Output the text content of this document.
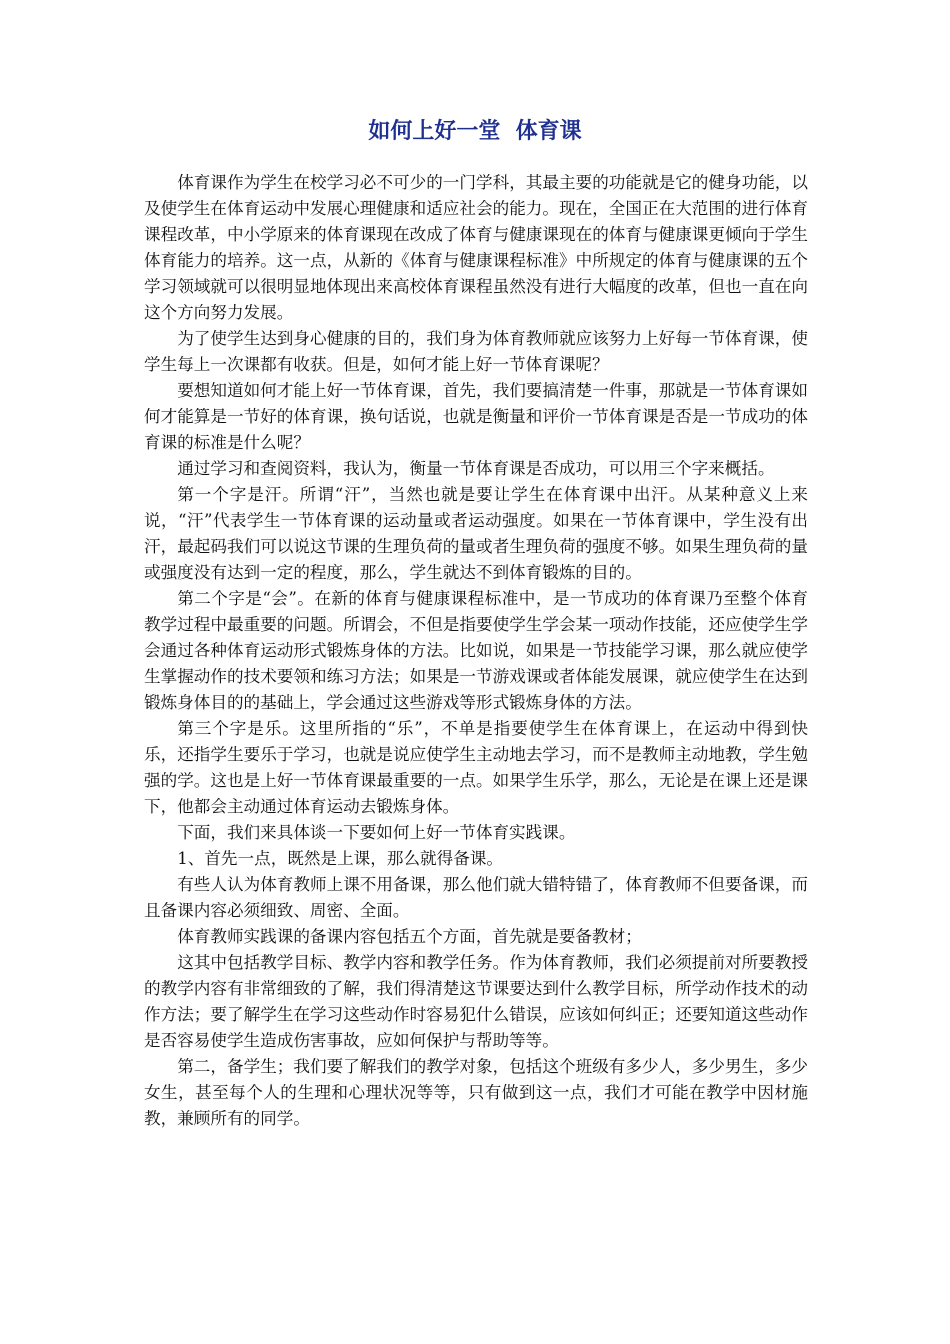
如何上好一堂  体育课

体育课作为学生在校学习必不可少的一门学科，其最主要的功能就是它的健身功能，以及使学生在体育运动中发展心理健康和适应社会的能力。现在，全国正在大范围的进行体育课程改革，中小学原来的体育课现在改成了体育与健康课现在的体育与健康课更倾向于学生体育能力的培养。这一点，从新的《体育与健康课程标准》中所规定的体育与健康课的五个学习领域就可以很明显地体现出来高校体育课程虽然没有进行大幅度的改革，但也一直在向这个方向努力发展。

为了使学生达到身心健康的目的，我们身为体育教师就应该努力上好每一节体育课，使学生每上一次课都有收获。但是，如何才能上好一节体育课呢？

要想知道如何才能上好一节体育课，首先，我们要搞清楚一件事，那就是一节体育课如何才能算是一节好的体育课，换句话说，也就是衡量和评价一节体育课是否是一节成功的体育课的标准是什么呢？

通过学习和查阅资料，我认为，衡量一节体育课是否成功，可以用三个字来概括。

第一个字是汗。所谓“汗”，当然也就是要让学生在体育课中出汗。从某种意义上来说，“汗”代表学生一节体育课的运动量或者运动强度。如果在一节体育课中，学生没有出汗，最起码我们可以说这节课的生理负荷的量或者生理负荷的强度不够。如果生理负荷的量或强度没有达到一定的程度，那么，学生就达不到体育锻炼的目的。

第二个字是“会”。在新的体育与健康课程标准中，是一节成功的体育课乃至整个体育教学过程中最重要的问题。所谓会，不但是指要使学生学会某一项动作技能，还应使学生学会通过各种体育运动形式锻炼身体的方法。比如说，如果是一节技能学习课，那么就应使学生掌握动作的技术要领和练习方法；如果是一节游戏课或者体能发展课，就应使学生在达到锻炼身体目的的基础上，学会通过这些游戏等形式锻炼身体的方法。

第三个字是乐。这里所指的“乐”，不单是指要使学生在体育课上，在运动中得到快乐，还指学生要乐于学习，也就是说应使学生主动地去学习，而不是教师主动地教，学生勉强的学。这也是上好一节体育课最重要的一点。如果学生乐学，那么，无论是在课上还是课下，他都会主动通过体育运动去锻炼身体。

下面，我们来具体谈一下要如何上好一节体育实践课。

1、首先一点，既然是上课，那么就得备课。

有些人认为体育教师上课不用备课，那么他们就大错特错了，体育教师不但要备课，而且备课内容必须细致、周密、全面。

体育教师实践课的备课内容包括五个方面，首先就是要备教材；

这其中包括教学目标、教学内容和教学任务。作为体育教师，我们必须提前对所要教授的教学内容有非常细致的了解，我们得清楚这节课要达到什么教学目标，所学动作技术的动作方法；要了解学生在学习这些动作时容易犯什么错误，应该如何纠正；还要知道这些动作是否容易使学生造成伤害事故，应如何保护与帮助等等。

第二，备学生；我们要了解我们的教学对象，包括这个班级有多少人，多少男生，多少女生，甚至每个人的生理和心理状况等等，只有做到这一点，我们才可能在教学中因材施教，兼顾所有的同学。
